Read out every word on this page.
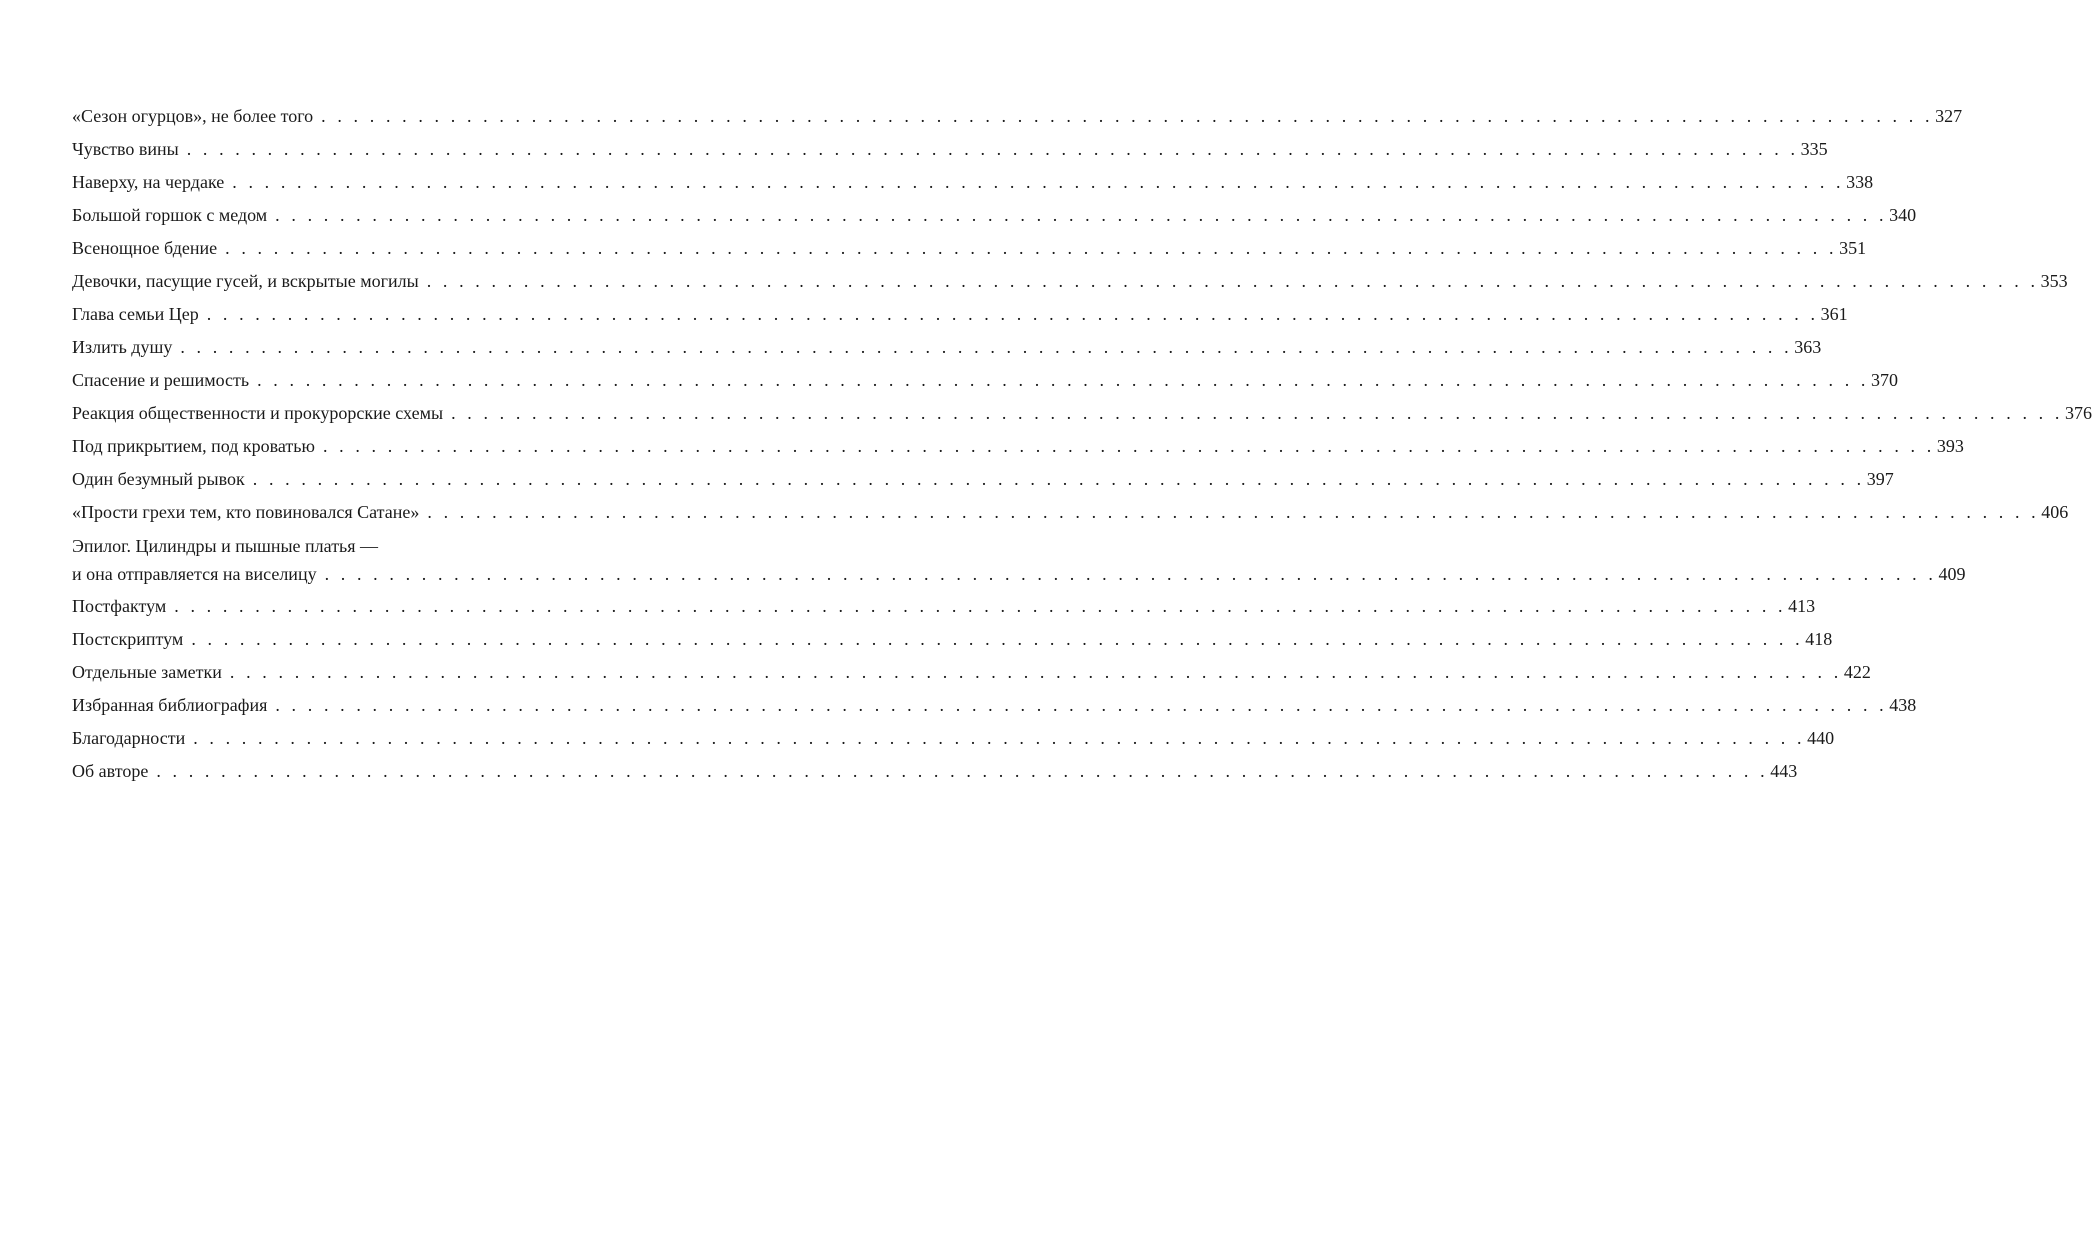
«Сезон огурцов», не более того . . . . . . . . . . . . . . . . . . . . . . . . . . . . . . . . . . . . . . . . . . . . . . . . . . . . . . . . . . . . . . . . . . . . . . . . . . . . . . . . . . . . . . . . . . . . . . . . . . . . 327
Чувство вины . . . . . . . . . . . . . . . . . . . . . . . . . . . . . . . . . . . . . . . . . . . . . . . . . . . . . . . . . . . . . . . . . . . . . . . . . . . . . . . . . . . . . . . . . . . . . . . . . . . . 335
Наверху, на чердаке . . . . . . . . . . . . . . . . . . . . . . . . . . . . . . . . . . . . . . . . . . . . . . . . . . . . . . . . . . . . . . . . . . . . . . . . . . . . . . . . . . . . . . . . . . . . . . . . . . . . 338
Большой горшок с медом . . . . . . . . . . . . . . . . . . . . . . . . . . . . . . . . . . . . . . . . . . . . . . . . . . . . . . . . . . . . . . . . . . . . . . . . . . . . . . . . . . . . . . . . . . . . . . . . . . . . 340
Всенощное бдение . . . . . . . . . . . . . . . . . . . . . . . . . . . . . . . . . . . . . . . . . . . . . . . . . . . . . . . . . . . . . . . . . . . . . . . . . . . . . . . . . . . . . . . . . . . . . . . . . . . . 351
Девочки, пасущие гусей, и вскрытые могилы . . . . . . . . . . . . . . . . . . . . . . . . . . . . . . . . . . . . . . . . . . . . . . . . . . . . . . . . . . . . . . . . . . . . . . . . . . . . . . . . . . . . . . . . . . . . . . . . . . . . 353
Глава семьи Цер . . . . . . . . . . . . . . . . . . . . . . . . . . . . . . . . . . . . . . . . . . . . . . . . . . . . . . . . . . . . . . . . . . . . . . . . . . . . . . . . . . . . . . . . . . . . . . . . . . . . 361
Излить душу . . . . . . . . . . . . . . . . . . . . . . . . . . . . . . . . . . . . . . . . . . . . . . . . . . . . . . . . . . . . . . . . . . . . . . . . . . . . . . . . . . . . . . . . . . . . . . . . . . . . 363
Спасение и решимость . . . . . . . . . . . . . . . . . . . . . . . . . . . . . . . . . . . . . . . . . . . . . . . . . . . . . . . . . . . . . . . . . . . . . . . . . . . . . . . . . . . . . . . . . . . . . . . . . . . . 370
Реакция общественности и прокурорские схемы . . . . . . . . . . . . . . . . . . . . . . . . . . . . . . . . . . . . . . . . . . . . . . . . . . . . . . . . . . . . . . . . . . . . . . . . . . . . . . . . . . . . . . . . . . . . . . . . . . . . 376
Под прикрытием, под кроватью . . . . . . . . . . . . . . . . . . . . . . . . . . . . . . . . . . . . . . . . . . . . . . . . . . . . . . . . . . . . . . . . . . . . . . . . . . . . . . . . . . . . . . . . . . . . . . . . . . . . 393
Один безумный рывок . . . . . . . . . . . . . . . . . . . . . . . . . . . . . . . . . . . . . . . . . . . . . . . . . . . . . . . . . . . . . . . . . . . . . . . . . . . . . . . . . . . . . . . . . . . . . . . . . . . . 397
«Прости грехи тем, кто повиновался Сатане» . . . . . . . . . . . . . . . . . . . . . . . . . . . . . . . . . . . . . . . . . . . . . . . . . . . . . . . . . . . . . . . . . . . . . . . . . . . . . . . . . . . . . . . . . . . . . . . . . . . . 406
Эпилог. Цилиндры и пышные платья —
и она отправляется на виселицу . . . . . . . . . . . . . . . . . . . . . . . . . . . . . . . . . . . . . . . . . . . . . . . . . . . . . . . . . . . . . . . . . . . . . . . . . . . . . . . . . . . . . . . . . . . . . . . . . . . . 409
Постфактум . . . . . . . . . . . . . . . . . . . . . . . . . . . . . . . . . . . . . . . . . . . . . . . . . . . . . . . . . . . . . . . . . . . . . . . . . . . . . . . . . . . . . . . . . . . . . . . . . . . . 413
Постскриптум . . . . . . . . . . . . . . . . . . . . . . . . . . . . . . . . . . . . . . . . . . . . . . . . . . . . . . . . . . . . . . . . . . . . . . . . . . . . . . . . . . . . . . . . . . . . . . . . . . . . 418
Отдельные заметки . . . . . . . . . . . . . . . . . . . . . . . . . . . . . . . . . . . . . . . . . . . . . . . . . . . . . . . . . . . . . . . . . . . . . . . . . . . . . . . . . . . . . . . . . . . . . . . . . . . . 422
Избранная библиография . . . . . . . . . . . . . . . . . . . . . . . . . . . . . . . . . . . . . . . . . . . . . . . . . . . . . . . . . . . . . . . . . . . . . . . . . . . . . . . . . . . . . . . . . . . . . . . . . . . . 438
Благодарности . . . . . . . . . . . . . . . . . . . . . . . . . . . . . . . . . . . . . . . . . . . . . . . . . . . . . . . . . . . . . . . . . . . . . . . . . . . . . . . . . . . . . . . . . . . . . . . . . . . . 440
Об авторе . . . . . . . . . . . . . . . . . . . . . . . . . . . . . . . . . . . . . . . . . . . . . . . . . . . . . . . . . . . . . . . . . . . . . . . . . . . . . . . . . . . . . . . . . . . . . . . . . . . . 443
